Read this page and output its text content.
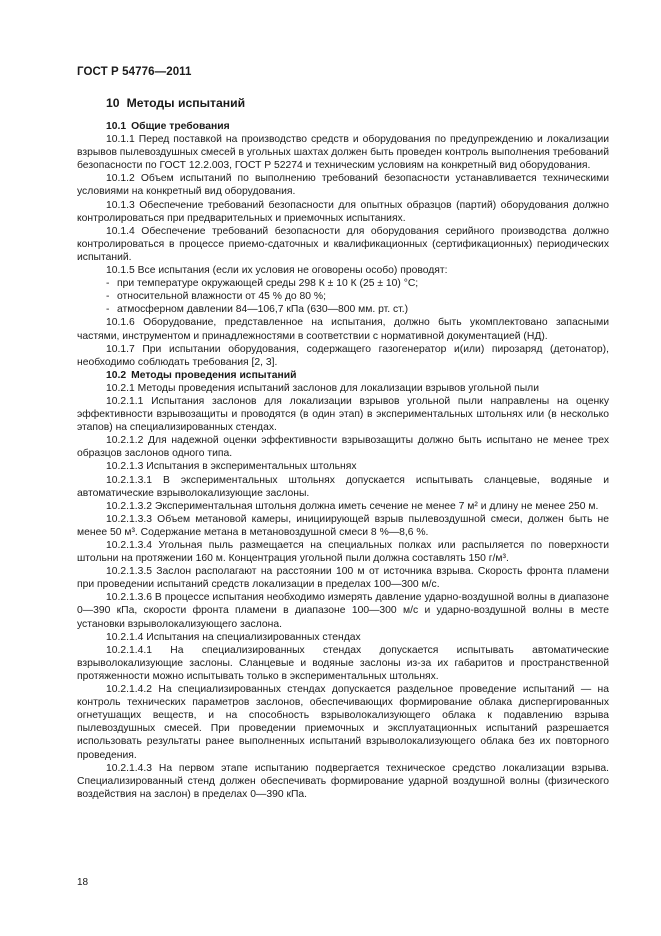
ГОСТ Р 54776—2011
10 Методы испытаний
10.1 Общие требования

10.1.1 Перед поставкой на производство средств и оборудования по предупреждению и локализации взрывов пылевоздушных смесей в угольных шахтах должен быть проведен контроль выполнения требований безопасности по ГОСТ 12.2.003, ГОСТ Р 52274 и техническим условиям на конкретный вид оборудования.

10.1.2 Объем испытаний по выполнению требований безопасности устанавливается техническими условиями на конкретный вид оборудования.

10.1.3 Обеспечение требований безопасности для опытных образцов (партий) оборудования должно контролироваться при предварительных и приемочных испытаниях.

10.1.4 Обеспечение требований безопасности для оборудования серийного производства должно контролироваться в процессе приемо-сдаточных и квалификационных (сертификационных) периодических испытаний.

10.1.5 Все испытания (если их условия не оговорены особо) проводят:

- при температуре окружающей среды 298 К ± 10 К (25 ± 10) °С;
- относительной влажности от 45 % до 80 %;
- атмосферном давлении 84—106,7 кПа (630—800 мм. рт. ст.)

10.1.6 Оборудование, представленное на испытания, должно быть укомплектовано запасными частями, инструментом и принадлежностями в соответствии с нормативной документацией (НД).

10.1.7 При испытании оборудования, содержащего газогенератор и(или) пирозаряд (детонатор), необходимо соблюдать требования [2, 3].

10.2 Методы проведения испытаний

10.2.1 Методы проведения испытаний заслонов для локализации взрывов угольной пыли

10.2.1.1 Испытания заслонов для локализации взрывов угольной пыли направлены на оценку эффективности взрывозащиты и проводятся (в один этап) в экспериментальных штольнях или (в несколько этапов) на специализированных стендах.

10.2.1.2 Для надежной оценки эффективности взрывозащиты должно быть испытано не менее трех образцов заслонов одного типа.

10.2.1.3 Испытания в экспериментальных штольнях

10.2.1.3.1 В экспериментальных штольнях допускается испытывать сланцевые, водяные и автоматические взрыволокализующие заслоны.

10.2.1.3.2 Экспериментальная штольня должна иметь сечение не менее 7 м² и длину не менее 250 м.

10.2.1.3.3 Объем метановой камеры, инициирующей взрыв пылевоздушной смеси, должен быть не менее 50 м³. Содержание метана в метановоздушной смеси 8 %—8,6 %.

10.2.1.3.4 Угольная пыль размещается на специальных полках или распыляется по поверхности штольни на протяжении 160 м. Концентрация угольной пыли должна составлять 150 г/м³.

10.2.1.3.5 Заслон располагают на расстоянии 100 м от источника взрыва. Скорость фронта пламени при проведении испытаний средств локализации в пределах 100—300 м/с.

10.2.1.3.6 В процессе испытания необходимо измерять давление ударно-воздушной волны в диапазоне 0—390 кПа, скорости фронта пламени в диапазоне 100—300 м/с и ударно-воздушной волны в месте установки взрыволокализующего заслона.

10.2.1.4 Испытания на специализированных стендах

10.2.1.4.1 На специализированных стендах допускается испытывать автоматические взрыволокализующие заслоны. Сланцевые и водяные заслоны из-за их габаритов и пространственной протяженности можно испытывать только в экспериментальных штольнях.

10.2.1.4.2 На специализированных стендах допускается раздельное проведение испытаний — на контроль технических параметров заслонов, обеспечивающих формирование облака диспергированных огнетушащих веществ, и на способность взрыволокализующего облака к подавлению взрыва пылевоздушных смесей. При проведении приемочных и эксплуатационных испытаний разрешается использовать результаты ранее выполненных испытаний взрыволокализующего облака без их повторного проведения.

10.2.1.4.3 На первом этапе испытанию подвергается техническое средство локализации взрыва. Специализированный стенд должен обеспечивать формирование ударной воздушной волны (физического воздействия на заслон) в пределах 0—390 кПа.

18
